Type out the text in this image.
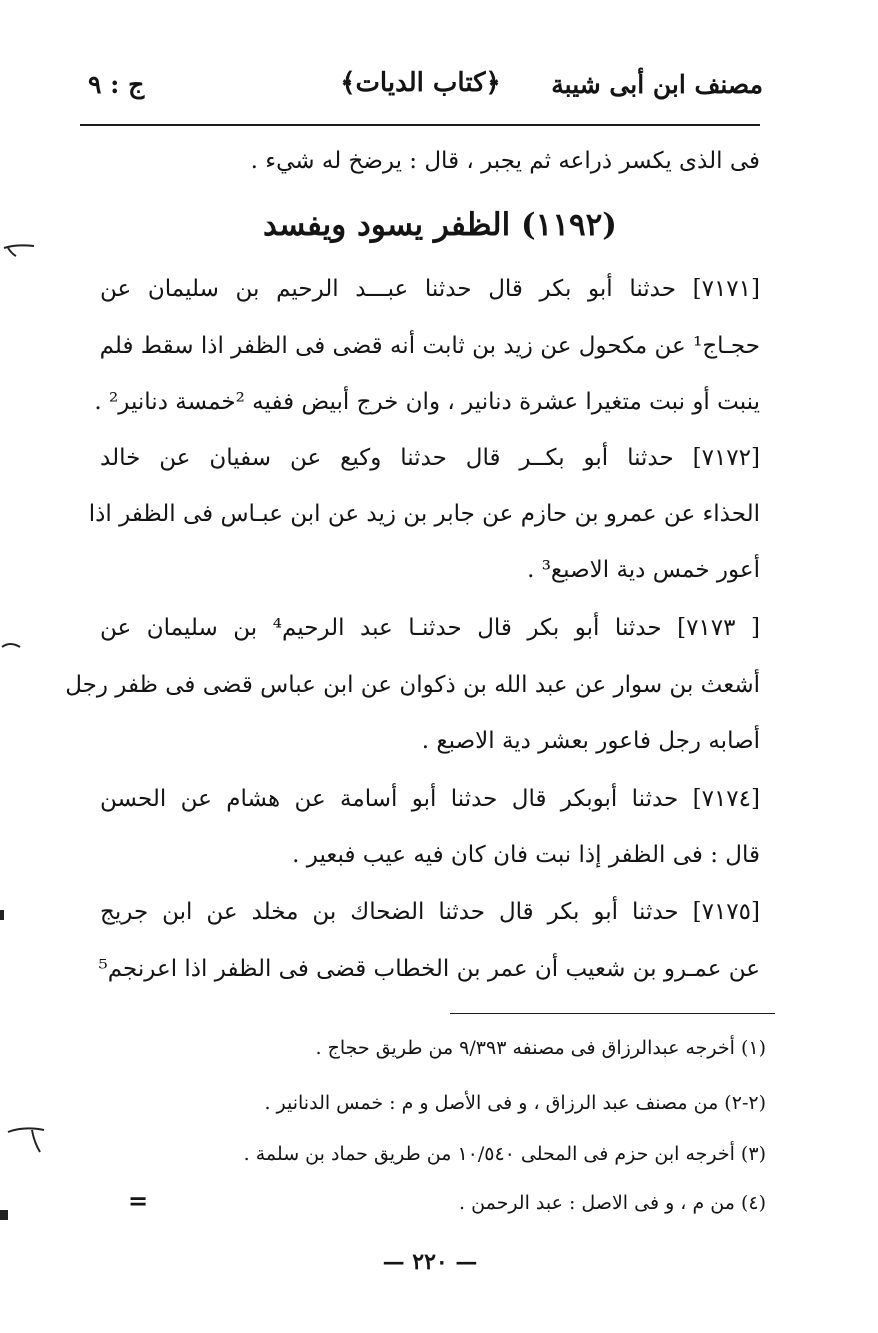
مصنف ابن أبى شيبة
﴿كتاب الديات﴾
ج : ٩
فى الذى يكسر ذراعه ثم يجبر ، قال : يرضخ له شيء .
(١١٩٢) الظفر يسود ويفسد
[٧١٧١] حدثنا أبو بكر قال حدثنا عبـــد الرحيم بن سليمان عن
حجـاج¹ عن مكحول عن زيد بن ثابت أنه قضى فى الظفر اذا سقط فلم
ينبت أو نبت متغيرا عشرة دنانير ، وان خرج أبيض ففيه ²خمسة دنانير² .
[٧١٧٢] حدثنا أبو بكــر قال حدثنا وكيع عن سفيان عن خالد
الحذاء عن عمرو بن حازم عن جابر بن زيد عن ابن عبـاس فى الظفر اذا
أعور خمس دية الاصبع³ .
[ ٧١٧٣] حدثنا أبو بكر قال حدثنـا عبد الرحيم⁴ بن سليمان عن
أشعث بن سوار عن عبد الله بن ذكوان عن ابن عباس قضى فى ظفر رجل
أصابه رجل فاعور بعشر دية الاصبع .
[٧١٧٤] حدثنا أبوبكر قال حدثنا أبو أسامة عن هشام عن الحسن
قال : فى الظفر إذا نبت فان كان فيه عيب فبعير .
[٧١٧٥] حدثنا أبو بكر قال حدثنا الضحاك بن مخلد عن ابن جريج
عن عمـرو بن شعيب أن عمر بن الخطاب قضى فى الظفر اذا اعرنجم⁵
(١) أخرجه عبدالرزاق فى مصنفه ٩/٣٩٣ من طريق حجاج .
(٢-٢) من مصنف عبد الرزاق ، و فى الأصل و م : خمس الدنانير .
(٣) أخرجه ابن حزم فى المحلى ١٠/٥٤٠ من طريق حماد بن سلمة .
(٤) من م ، و فى الاصل : عبد الرحمن .
=
— ٢٢٠ —
